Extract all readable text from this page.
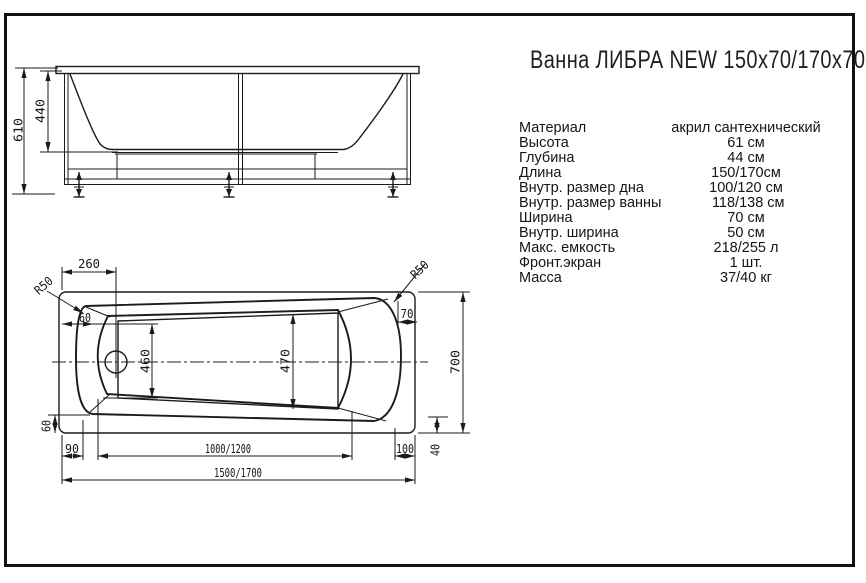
Ванна ЛИБРА NEW 150x70/170x70
Материал	акрил сантехнический
Высота	61 см
Глубина	44 см
Длина	150/170см
Внутр. размер дна	100/120 см
Внутр. размер ванны	118/138 см
Ширина	70 см
Внутр. ширина	50 см
Макс. емкость	218/255 л
Фронт.экран	1 шт.
Масса	37/40 кг
610
440
260
R50
R50
60	70
460	470	700
60
90	1000/1200	100 40
1500/1700
